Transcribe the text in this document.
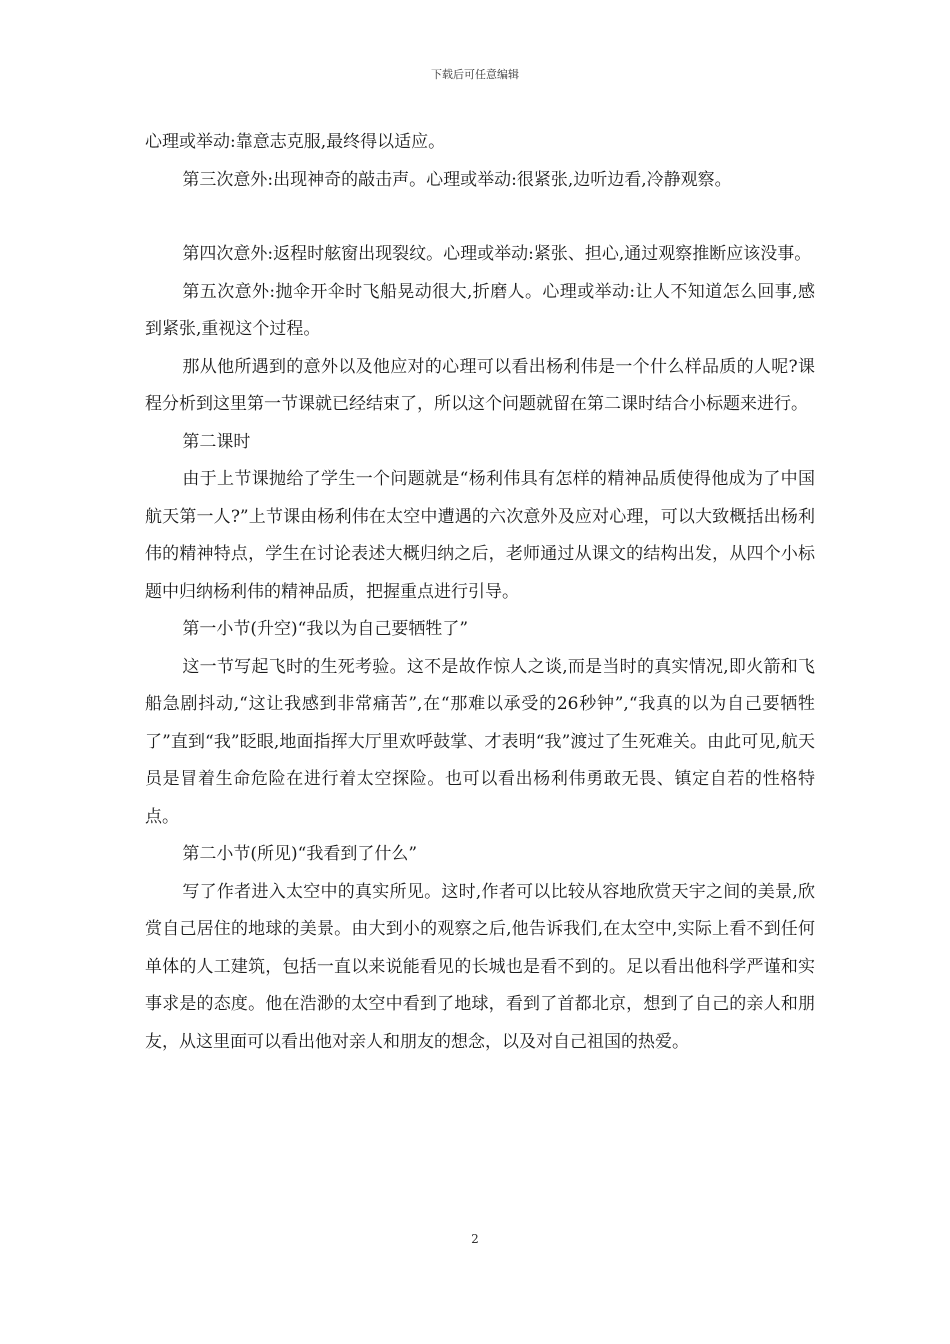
下载后可任意编辑

心理或举动:靠意志克服,最终得以适应。

第三次意外:出现神奇的敲击声。心理或举动:很紧张,边听边看,冷静观察。

第四次意外:返程时舷窗出现裂纹。心理或举动:紧张、担心,通过观察推断应该没事。

第五次意外:抛伞开伞时飞船晃动很大,折磨人。心理或举动:让人不知道怎么回事,感到紧张,重视这个过程。

那从他所遇到的意外以及他应对的心理可以看出杨利伟是一个什么样品质的人呢?课程分析到这里第一节课就已经结束了，所以这个问题就留在第二课时结合小标题来进行。

第二课时

由于上节课抛给了学生一个问题就是“杨利伟具有怎样的精神品质使得他成为了中国航天第一人?”上节课由杨利伟在太空中遭遇的六次意外及应对心理，可以大致概括出杨利伟的精神特点，学生在讨论表述大概归纳之后，老师通过从课文的结构出发，从四个小标题中归纳杨利伟的精神品质，把握重点进行引导。

第一小节(升空)“我以为自己要牺牲了”

这一节写起飞时的生死考验。这不是故作惊人之谈,而是当时的真实情况,即火箭和飞船急剧抖动,“这让我感到非常痛苦”,在“那难以承受的26秒钟”,“我真的以为自己要牺牲了”直到“我”眨眼,地面指挥大厅里欢呼鼓掌、才表明“我”渡过了生死难关。由此可见,航天员是冒着生命危险在进行着太空探险。也可以看出杨利伟勇敢无畏、镇定自若的性格特点。

第二小节(所见)“我看到了什么”

写了作者进入太空中的真实所见。这时,作者可以比较从容地欣赏天宇之间的美景,欣赏自己居住的地球的美景。由大到小的观察之后,他告诉我们,在太空中,实际上看不到任何单体的人工建筑，包括一直以来说能看见的长城也是看不到的。足以看出他科学严谨和实事求是的态度。他在浩渺的太空中看到了地球，看到了首都北京，想到了自己的亲人和朋友，从这里面可以看出他对亲人和朋友的想念，以及对自己祖国的热爱。

2
